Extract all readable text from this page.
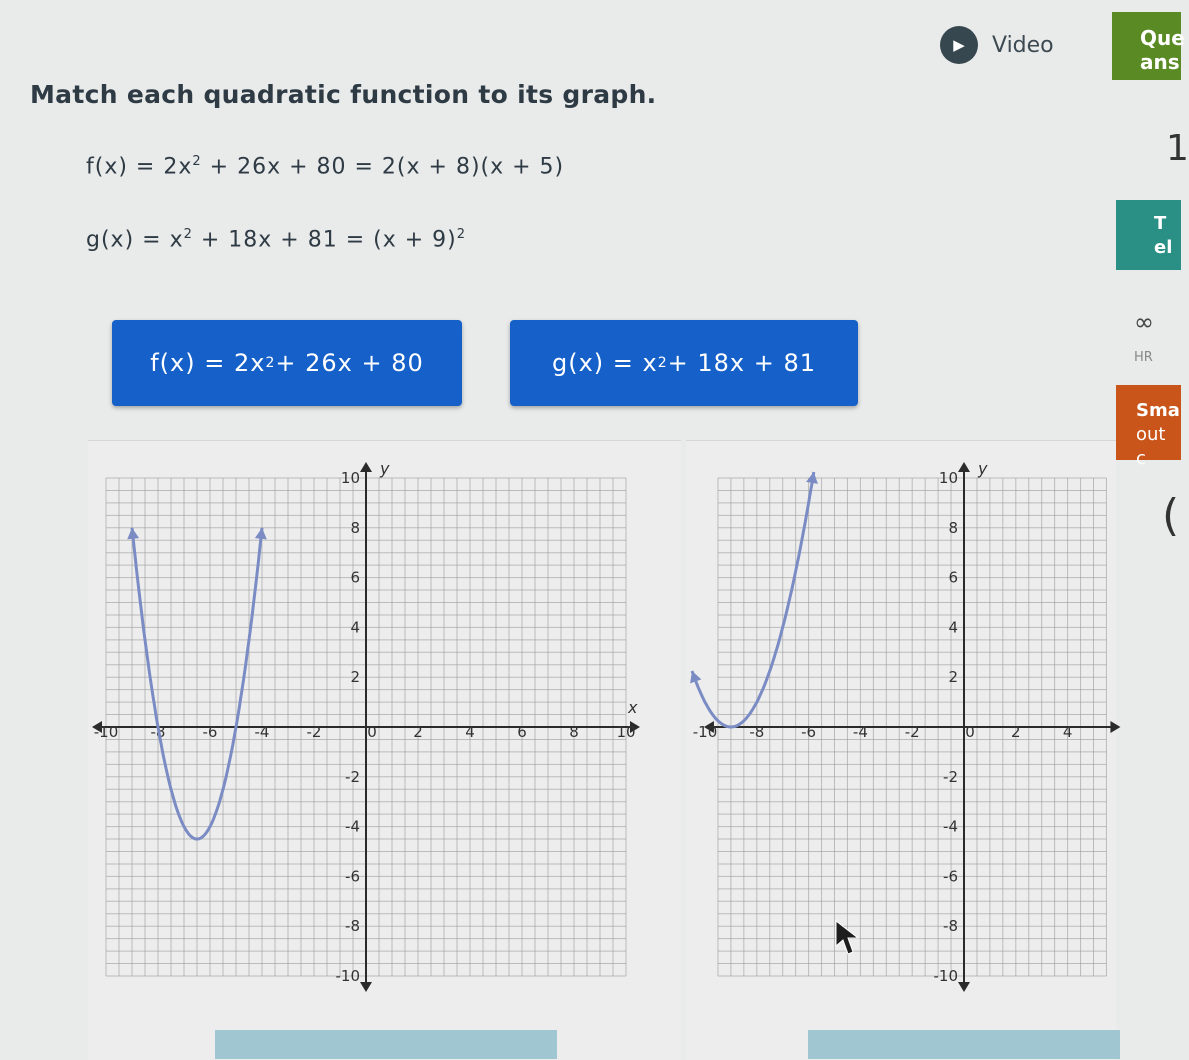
▶	Video	Que
ans
1
T
el
∞
HR
Sma
out c
(
Match each quadratic function to its graph.
$f(x) = 2x^2 + 26x + 80 = 2(x + 8)(x + 5)$
$g(x) = x^2 + 18x + 81 = (x + 9)^2$
f(x) = 2x 2 + 26x + 80	g(x) = x 2 + 18x + 81
-10 -8 -6 -4 -2	0 2	4	6	8	10
10
8
6
4
2
-2
-4
-6
-8
-10
x
y
-10 -8 -6 -4 -2	0 2	4
10
8
6
4
2
-2
-4
-6
-8
-10
y
